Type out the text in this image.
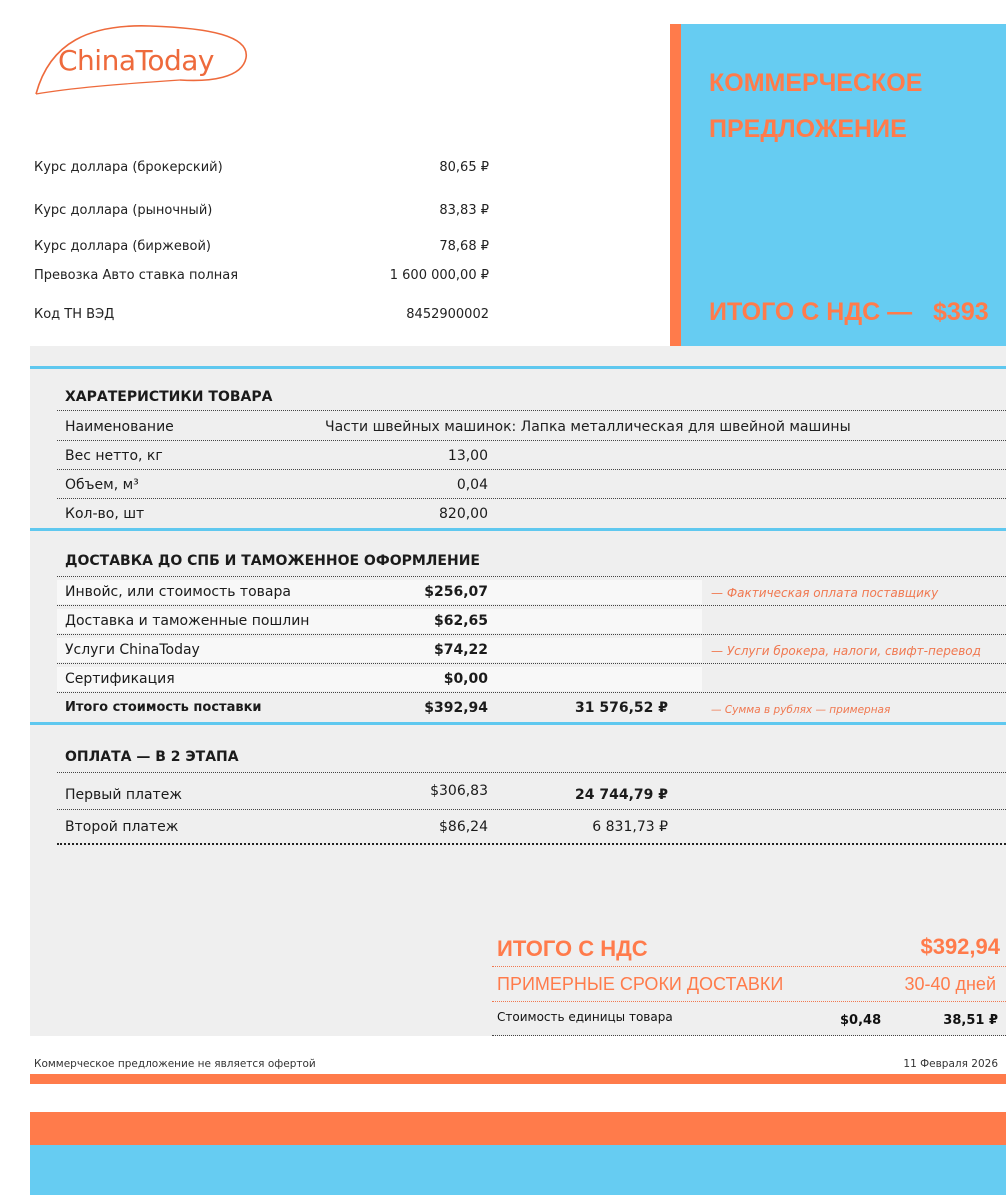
ChinaToday
Курс доллара (брокерский)	80,65 ₽
Курс доллара (рыночный)	83,83 ₽
Курс доллара (биржевой)	78,68 ₽
Превозка Авто ставка полная	1 600 000,00 ₽
Код ТН ВЭД	8452900002
КОММЕРЧЕСКОЕ
ПРЕДЛОЖЕНИЕ
ИТОГО С НДС — $393
ХАРАТЕРИСТИКИ ТОВАРА
Наименование	Части швейных машинок: Лапка металлическая для швейной машины
Вес нетто, кг	13,00
Объем, м³	0,04
Кол-во, шт	820,00
ДОСТАВКА ДО СПБ И ТАМОЖЕННОЕ ОФОРМЛЕНИЕ
Инвойс, или стоимость товара	$256,07	— Фактическая оплата поставщику
Доставка и таможенные пошлин	$62,65
Услуги ChinaToday	$74,22	— Услуги брокера, налоги, свифт-перевод
Сертификация	$0,00
Итого стоимость поставки	$392,94	31 576,52 ₽	— Сумма в рублях — примерная
ОПЛАТА — В 2 ЭТАПА
Первый платеж	$306,83	24 744,79 ₽
Второй платеж	$86,24	6 831,73 ₽
ИТОГО С НДС	$392,94
ПРИМЕРНЫЕ СРОКИ ДОСТАВКИ	30-40 дней
Стоимость единицы товара	$0,48	38,51 ₽
Коммерческое предложение не является офертой	11 Февраля 2026
